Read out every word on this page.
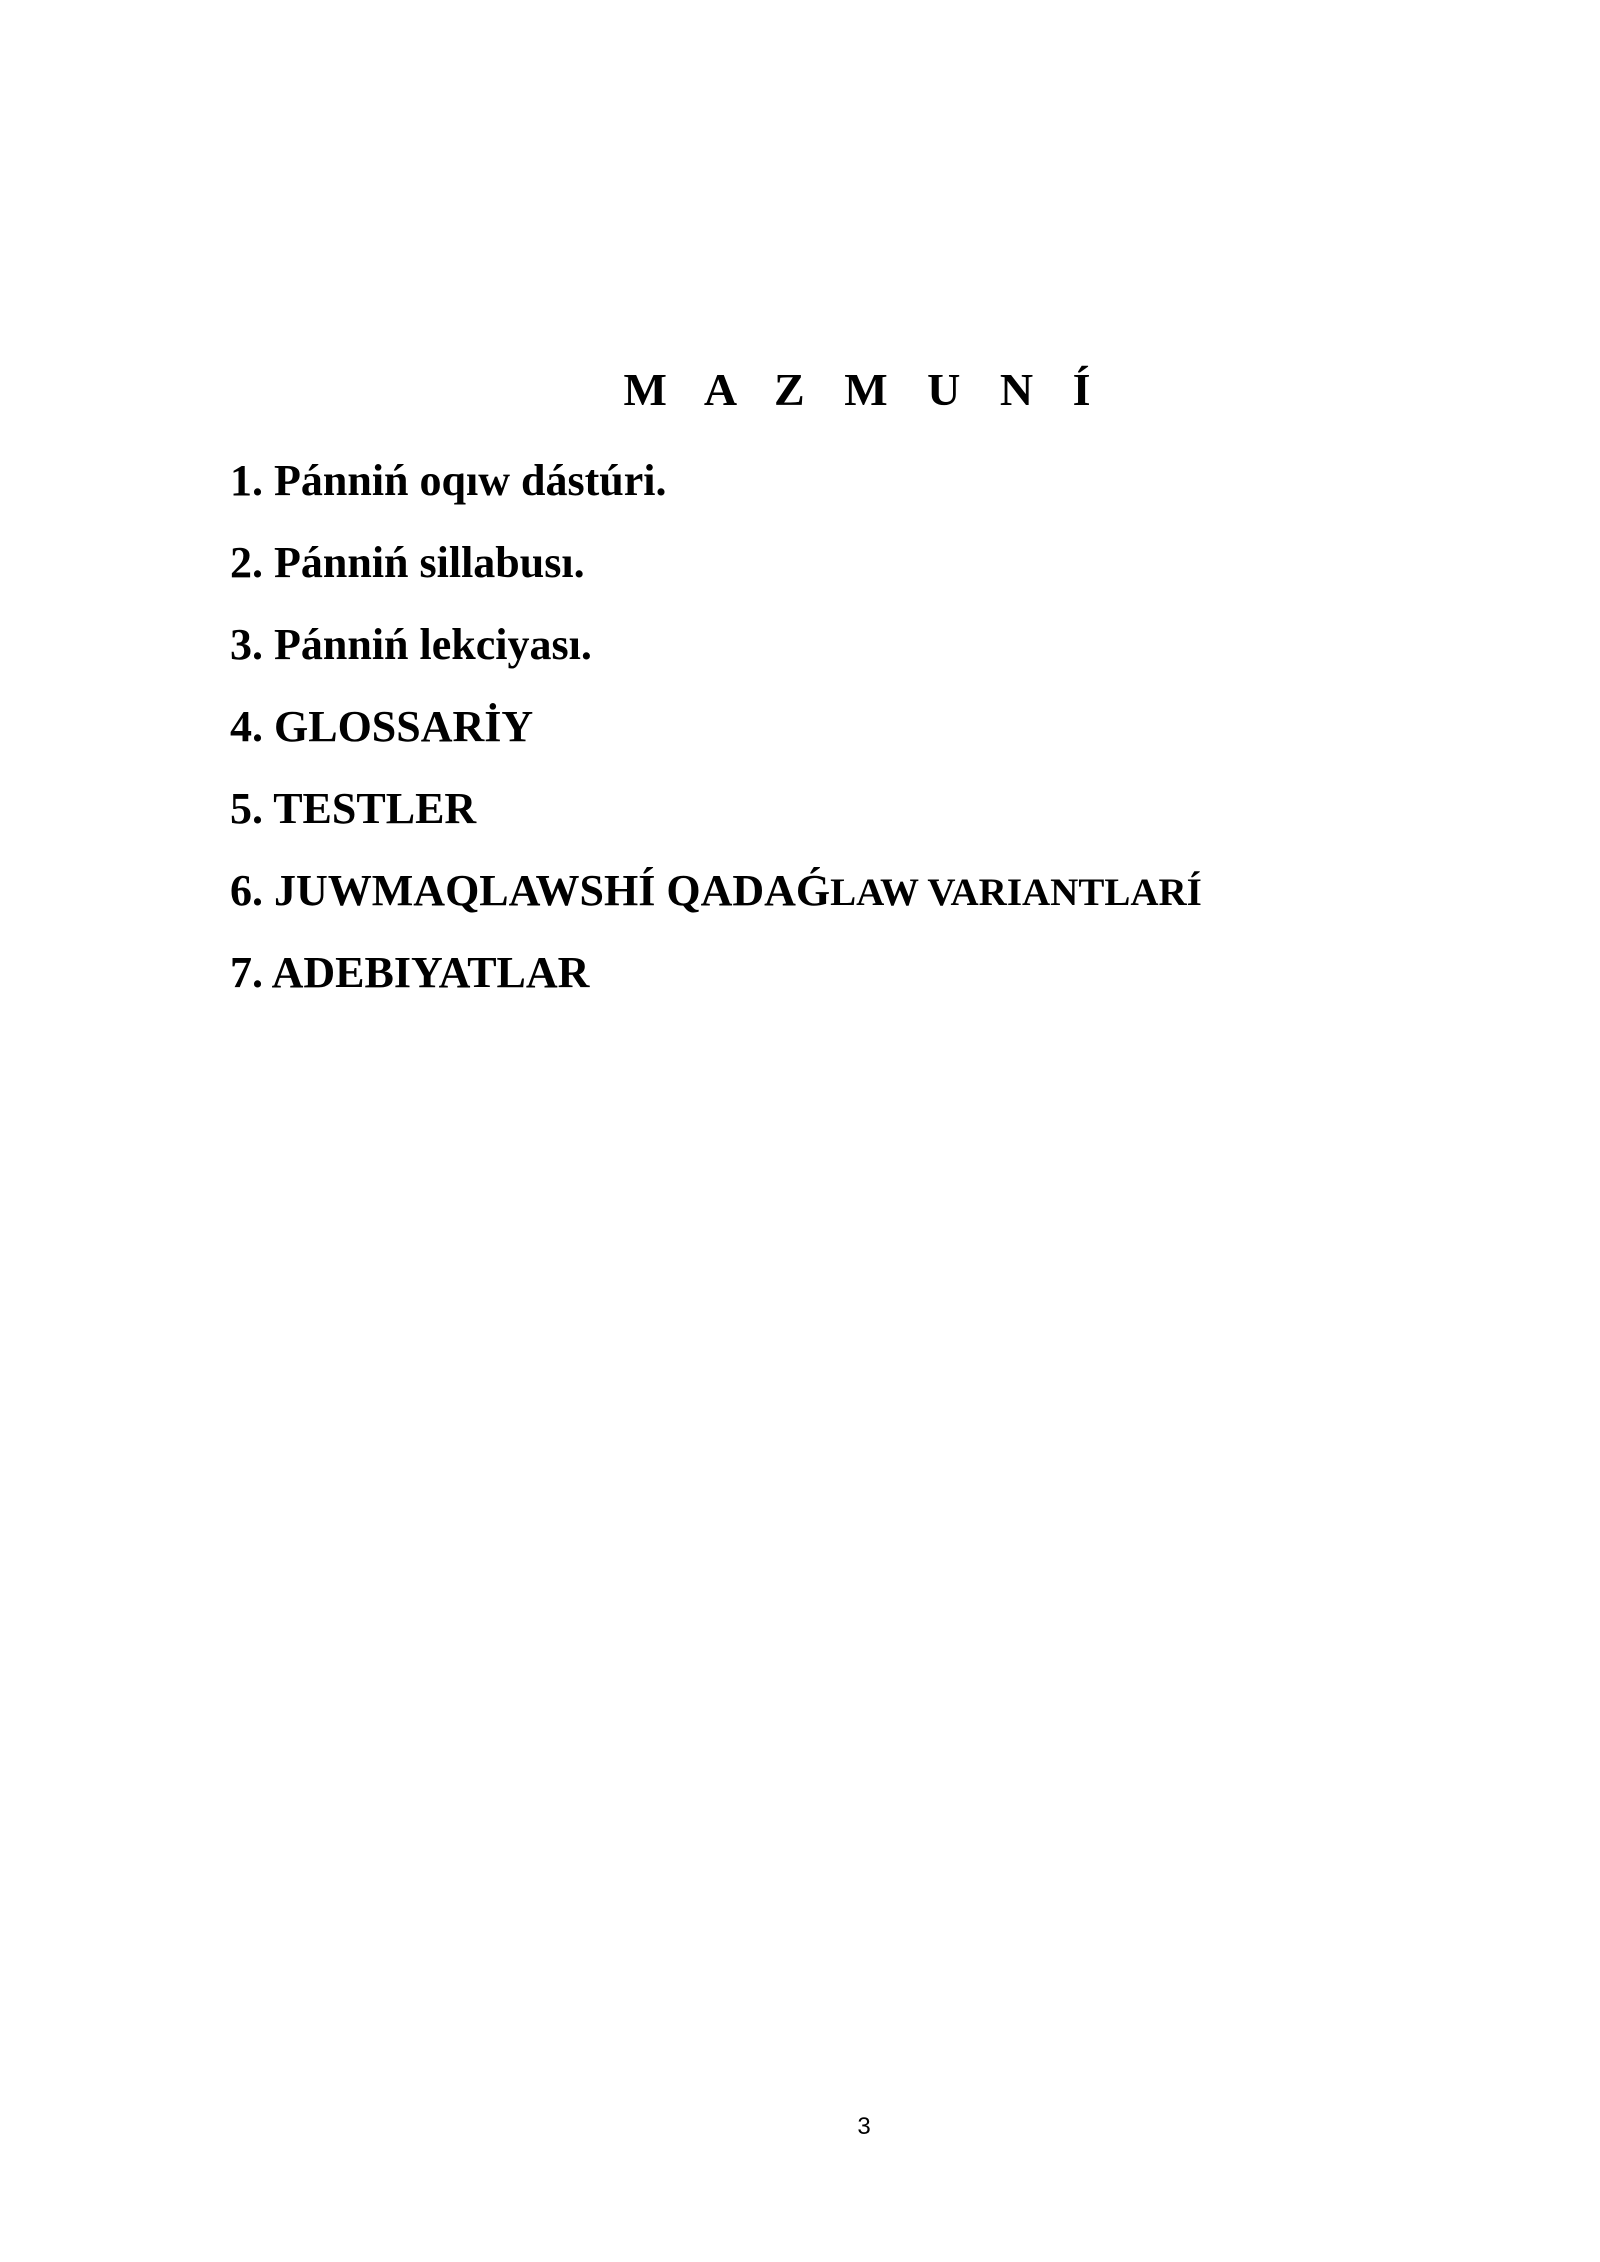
M A Z M U N Í
1. Pánniń oqıw dástúri.
2. Pánniń sillabusı.
3. Pánniń lekciyası.
4. GLOSSARİY
5. TESTLER
6. JUWMAQLAWSHÍ QADAǴLAW VARIANTLARÍ
7. ADEBIYATLAR
3
